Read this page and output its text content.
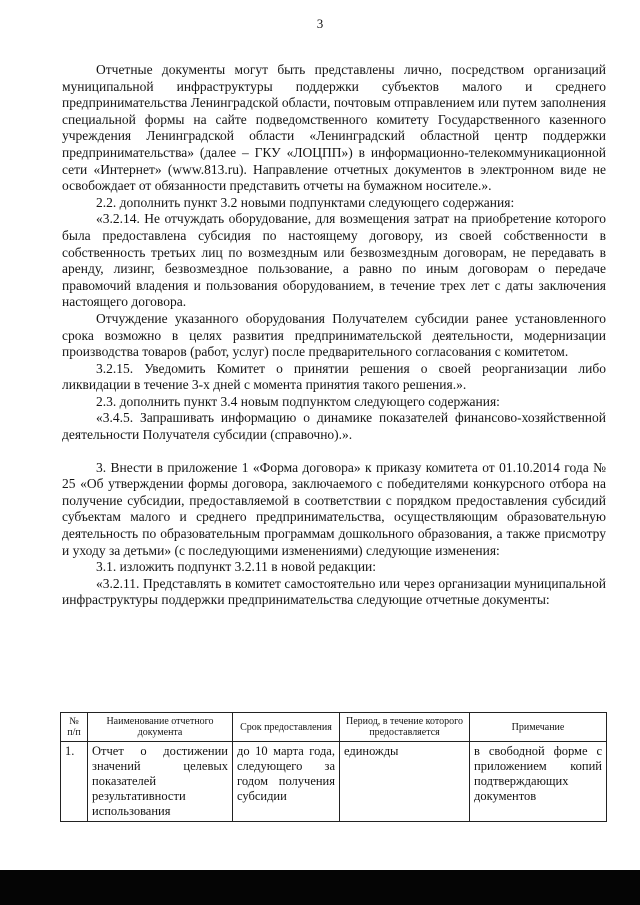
3

Отчетные документы могут быть представлены лично, посредством организаций муниципальной инфраструктуры поддержки субъектов малого и среднего предпринимательства Ленинградской области, почтовым отправлением или путем заполнения специальной формы на сайте подведомственного комитету Государственного казенного учреждения Ленинградской области «Ленинградский областной центр поддержки предпринимательства» (далее – ГКУ «ЛОЦПП») в информационно-телекоммуникационной сети «Интернет» (www.813.ru). Направление отчетных документов в электронном виде не освобождает от обязанности представить отчеты на бумажном носителе.».

2.2. дополнить пункт 3.2 новыми подпунктами следующего содержания:

«3.2.14. Не отчуждать оборудование, для возмещения затрат на приобретение которого была предоставлена субсидия по настоящему договору, из своей собственности в собственность третьих лиц по возмездным или безвозмездным договорам, не передавать в аренду, лизинг, безвозмездное пользование, а равно по иным договорам о передаче правомочий владения и пользования оборудованием, в течение трех лет с даты заключения настоящего договора.

Отчуждение указанного оборудования Получателем субсидии ранее установленного срока возможно в целях развития предпринимательской деятельности, модернизации производства товаров (работ, услуг) после предварительного согласования с комитетом.

3.2.15. Уведомить Комитет о принятии решения о своей реорганизации либо ликвидации в течение 3-х дней с момента принятия такого решения.».

2.3. дополнить пункт 3.4 новым подпунктом следующего содержания:

«3.4.5. Запрашивать информацию о динамике показателей финансово-хозяйственной деятельности Получателя субсидии (справочно).».

3. Внести в приложение 1 «Форма договора» к приказу комитета от 01.10.2014 года № 25 «Об утверждении формы договора, заключаемого с победителями конкурсного отбора на получение субсидии, предоставляемой в соответствии с порядком предоставления субсидий субъектам малого и среднего предпринимательства, осуществляющим образовательную деятельность по образовательным программам дошкольного образования, а также присмотру и уходу за детьми» (с последующими изменениями) следующие изменения:

3.1. изложить подпункт 3.2.11 в новой редакции:

«3.2.11. Представлять в комитет самостоятельно или через организации муниципальной инфраструктуры поддержки предпринимательства следующие отчетные документы:

№ п/п	Наименование отчетного документа	Срок предоставления	Период, в течение которого предоставляется	Примечание
1.	Отчет о достижении значений целевых показателей результативности использования	до 10 марта года, следующего за годом получения субсидии	единожды	в свободной форме с приложением копий подтверждающих документов
